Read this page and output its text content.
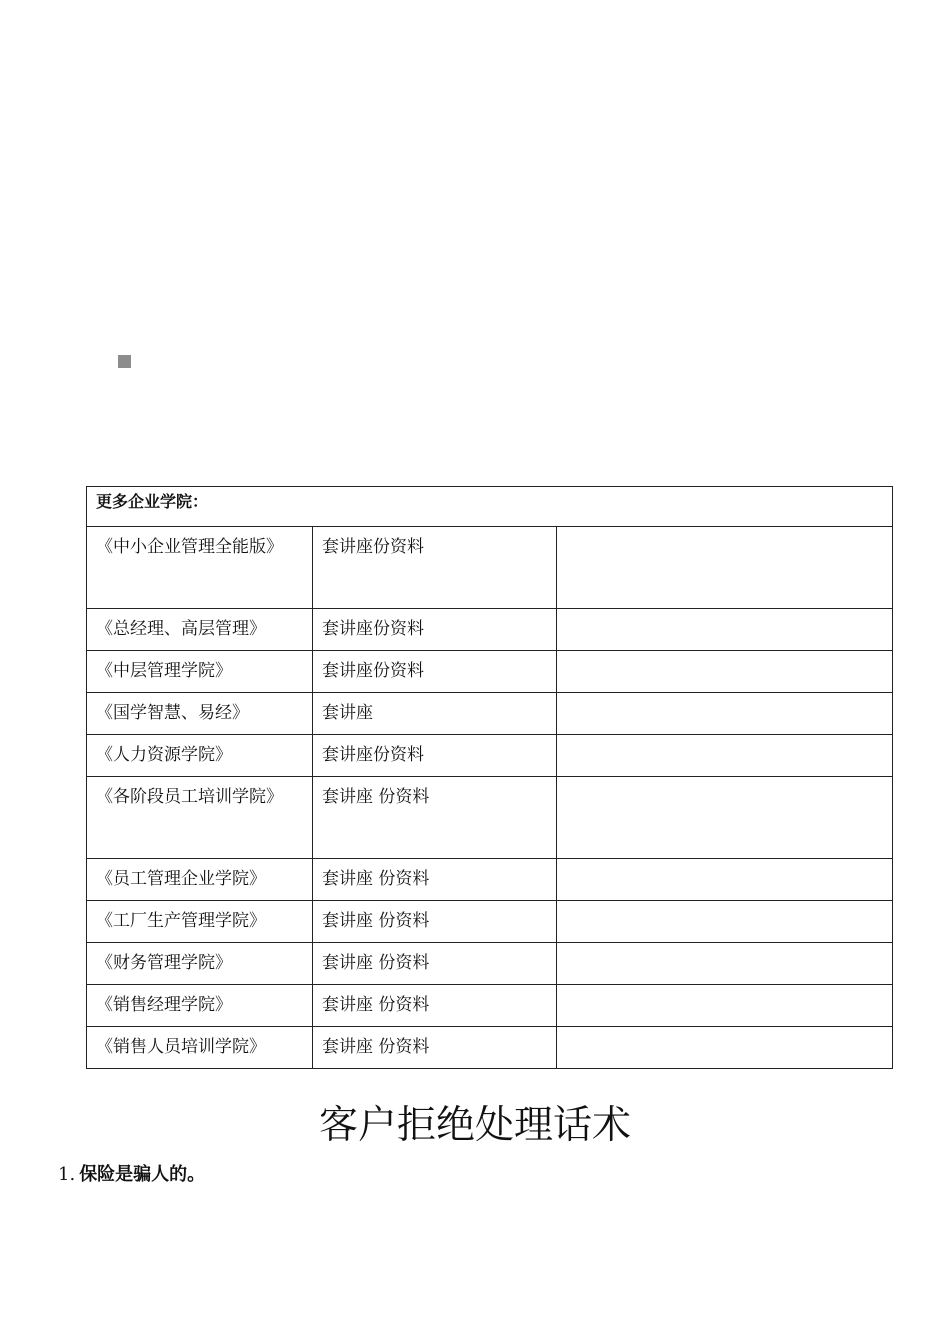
更多企业学院：		
《中小企业管理全能版》	套讲座份资料	
《总经理、高层管理》	套讲座份资料	
《中层管理学院》	套讲座份资料	
《国学智慧、易经》	套讲座	
《人力资源学院》	套讲座份资料	
《各阶段员工培训学院》	套讲座 份资料	
《员工管理企业学院》	套讲座 份资料	
《工厂生产管理学院》	套讲座 份资料	
《财务管理学院》	套讲座 份资料	
《销售经理学院》	套讲座 份资料	
《销售人员培训学院》	套讲座 份资料	
客户拒绝处理话术

1. 保险是骗人的。
